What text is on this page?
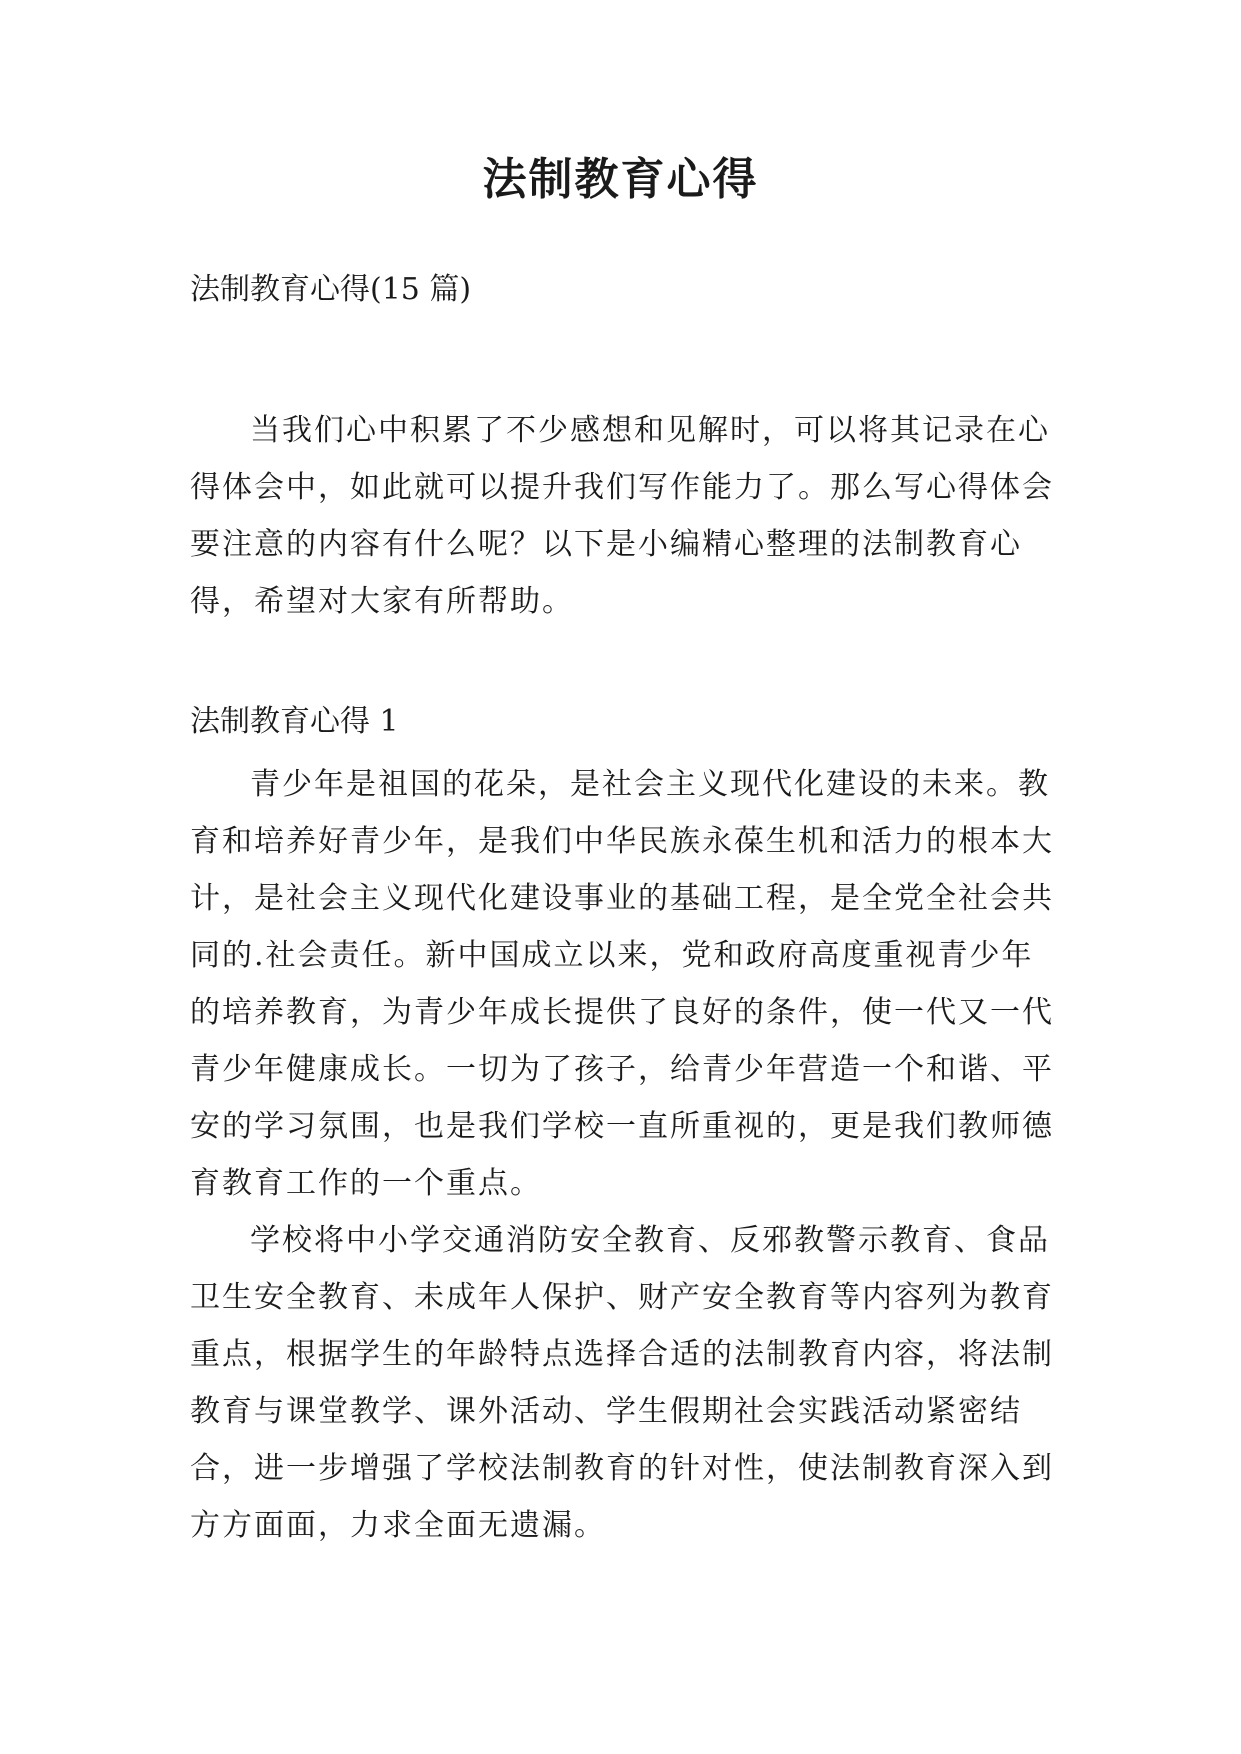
法制教育心得
法制教育心得(15 篇)

当我们心中积累了不少感想和见解时，可以将其记录在心得体会中，如此就可以提升我们写作能力了。那么写心得体会要注意的内容有什么呢？以下是小编精心整理的法制教育心得，希望对大家有所帮助。

法制教育心得 1

青少年是祖国的花朵，是社会主义现代化建设的未来。教育和培养好青少年，是我们中华民族永葆生机和活力的根本大计，是社会主义现代化建设事业的基础工程，是全党全社会共同的.社会责任。新中国成立以来，党和政府高度重视青少年的培养教育，为青少年成长提供了良好的条件，使一代又一代青少年健康成长。一切为了孩子，给青少年营造一个和谐、平安的学习氛围，也是我们学校一直所重视的，更是我们教师德育教育工作的一个重点。

学校将中小学交通消防安全教育、反邪教警示教育、食品卫生安全教育、未成年人保护、财产安全教育等内容列为教育重点，根据学生的年龄特点选择合适的法制教育内容，将法制教育与课堂教学、课外活动、学生假期社会实践活动紧密结合，进一步增强了学校法制教育的针对性，使法制教育深入到方方面面，力求全面无遗漏。
